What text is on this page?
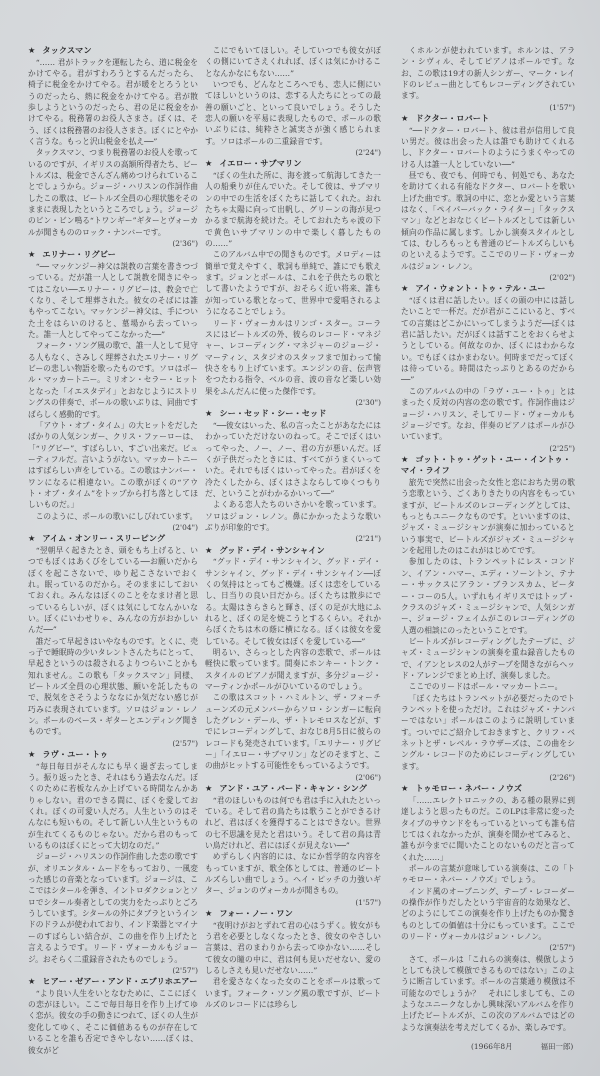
★ タックスマン

“…… 君がトラックを運転したら、道に税金をかけてやる。君がすわろうとするんだったら、椅子に税金をかけてやる。君が暖をとろうというのだったら、熱に税金をかけてやる。君が散歩しようというのだったら、君の足に税金をかけてやる。税務署のお役人さまさ。ぼくは、そう、ぼくは税務署のお役人さまさ。ぼくにとやかく言うな。もっと沢山税金を払え──”

タックスマン、つまり税務署のお役人を歌っているのですが、イギリスの高額所得者たち、ビートルズは、税金でさんざん痛めつけられていることでしょうから。ジョージ・ハリスンの作詞作曲したこの歌は、ビートルズ全員の心理状態をそのままに表現したというところでしょう。ジョージのビン・ビン鳴る“トワンギー”ギターとヴォーカルが聞きもののロック・ナンバーです。

(2'36")
★ エリナー・リグビー

“── マッケンジー神父は説教の言葉を書きつづっている。だが誰一人として説教を聞きにやってはこない──エリナー・リグビーは、教会で亡くなり、そして埋葬された。彼女のそばには誰もやってこない。マッケンジー神父は、手についた土をはらいのけると、墓場から去っていった。誰一人としてやってこなかった──”

フォーク・ソング風の歌で、誰一人として見守る人もなく、さみしく埋葬されたエリナー・リグビーの悲しい物語を歌ったものです。ソロはポール・マッカートニー。ミリオン・セラー・ヒットとなった「イエスタデイ」とおなじようにストリングスの伴奏で、ポールの歌いぶりは、同曲ですばらしく感動的です。

「アウト・オブ・タイム」の大ヒットをだしたばかりの人気シンガー、クリス・ファーローは、「“リグビー”、すばらしい、すごい出来だ。ビューティフルだ。言いようがない。マッカートニーはすばらしい声をしている。この歌はナンバー・ワンになるに相違ない。この歌がぼくの“アウト・オブ・タイム”をトップから打ち落としてほしいものだ。」

このように、ポールの歌いにしびれています。

(2'04")
★ アイム・オンリー・スリーピング

“翌朝早く起きたとき、頭をもち上げると、いつでもぼくはあくびをしている──お願いだからぼくを起こさないで、ゆり起こさないでおくれ。眠っているのだから。そのままにしておいておくれ。みんなはぼくのことをなまけ者と思っているらしいが、ぼくは気にしてなんかいない。ぼくにいわせりゃ、みんなの方がおかしいんだ──”

誰だって早起きはいやなものです。とくに、売っ子で睡眠時の少いタレントさんたちにとって、早起きというのは殺されるよりつらいことかも知れません。この歌も「タックスマン」同様、ビートルズ全員の心理状態、願いを託したもので、脱気をさそうようななにか気だない感じが巧みに表現されています。ソロはジョン・レノン。ポールのベース・ギターとエンディング聞きものです。

(2'57")
★ ラヴ・ユー・トゥ

“毎日毎日がそんなにも早く過ぎ去ってしまう。振り返ったとき、それはもう過去なんだ。ぼくのために若板なんか上げている時間なんかありゃしない。君のできる間に、ぼくを愛しておくれ。ぼくの可愛い人だろ。人生というのはそんなにも短いもの。そして新しい人生というものが生れてくるものじゃない。だから君のもっているものはぼくにとって大切なのだ。”

ジョージ・ハリスンの作詞作曲した恋の歌ですが、オリエンタル・ムードをもっており、一風変った感じの音楽となっています。ジョージは、ここではシタールを弾き、イントロダクションとソロでシタール奏者としての実力をたっぷりとごろうしています。シタールの外にタブラというインドのドラムが使われており、インド楽器とマイナーのすばらしい結合が、この曲を作り上げたと言えるようです。リード・ヴォーカルもジョージ。おそらく二重録音されたものでしょう。

(2'57")
★ ヒアー・ゼアー・アンド・エブリホエアー

“より良い人生をいとなむために、ここにぼくの恋がほしい。ここで毎日毎日を作り上げてゆく恋が。彼女の手の動きにつれて、ぼくの人生が変化してゆく、そこに価値あるものが存在していることを誰も否定できやしない……ぼくは、彼女がど

こにでもいてほしい。そしていつでも彼女がぼくの側にいてさえくれれば、ぼくは気にかけることなんかなにもない……”

いつでも、どんなところへでも、恋人に側にいてほしいというのは、恋する人たちにとっての最善の願いごと、といって良いでしょう。そうした恋人の願いを平易に表現したもので、ポールの歌いぶりには、純粋さと誠実さが強く感じられます。ソロはポールの二重録音です。

(2'24")
★ イエロー・サブマリン

“ぼくの生れた所に、海を渡って航海してきた一人の船乗りが住んでいた。そして彼は、サブマリンの中での生活をぼくたちに話してくれた。おれたちゃ太陽に向って出帆し、グリーンの海が見つかるまで航海を続けた。そしておれたちゃ波の下で黄色いサブマリンの中で楽しく暮したものの……”

このアルバム中での聞きものです。メロディーは簡単で覚えやすく、歌詞も単純で、誰にでも歌えます。ジョンとポールは、これを子供たちの歌として書いたようですが、おそらく近い将来、誰もが知っている歌となって、世界中で愛唱されるようになることでしょう。

リード・ヴォーカルはリンゴ・スター。コーラスにはビートルズの外、彼らのレコード・マネジャー、レコーディング・マネジャーのジョージ・マーティン、スタジオのスタッフまで加わって愉快さをもり上げています。エンジンの音、伝声管をつたわる指令、ベルの音、波の音など楽しい効果をふんだんに使った傑作です。

(2'30")
★ シー・セッド・シー・セッド

“──彼女はいった、私の言ったことがあなたにはわかっていただけないのねって。そこでぼくはいってやった、ノー、ノー、君の方が悪いんだ。ぼくが子供だったときには、すべてがうまくいっていた。それでもぼくはいってやった。君がぼくを冷たくしたから、ぼくはさよならしてゆくつもりだ、ということがわかるかいって──”

よくある恋人たちのいさかいを歌っています。ソロはジョン・レノン。鼻にかかったような歌いぶりが印象的です。

(2'21")
★ グッド・デイ・サンシャイン

“グッド・デイ・サンシャイン、グッド・デイ・サンシャイン、グッド・デイ・サンシャイン──ぼくの気持はとってもご機嫌。ぼくは恋をしているし、日当りの良い日だから。ぼくたちは散歩にでる。太陽はきらきらと輝き、ぼくの足が大地にふれると、ぼくの足を焼こうとするくらい。それからぼくたちは木の蔭に横になる。ぼくは彼女を愛している。そして彼女はぼくを愛している──”

明るい、さらっとした内容の恋歌で、ポールは軽快に歌っています。間奏にホンキー・トンク・スタイルのピアノが聞えますが、多分ジョージ・マーティンかポールがひいているのでしょう。

この歌はスコット・ハミルトン、ザ・フォーチューンズの元メンバーからソロ・シンガーに転向したグレン・デール、ザ・トレモロスなどが、すでにレコーディングして、おなじ8月5日に彼らのレコードも発売されています。「エリナー・リグビー」「イエロー・サブマリン」などのそますと、この曲がヒットする可能性をもっているようです。

(2'06")
★ アンド・ユア・バード・キャン・シング

“君のほしいものは何でも君は手に入れたといっている。そして君の鳥たちは歌うことができるけれど、君はぼくを獲得することはできない。世界の七不思議を見たと君はいう。そして君の鳥は青い鳥だけれど、君にはぼくが見えない──”

めずらしく内容的には、なにか哲学的な内容をもっていますが、歌全体としては、普通のビートルズらしい曲でしょう。ヘイ・ピッチの力強いギター、ジョンのヴォーカルが聞きもの。

(1'57")
★ フォー・ノー・ワン

“夜明けがおとずれて君の心はうずく。彼女がもう君を必要としなくなったとき、彼女のやさしい言葉は、君のまわりから去ってゆかない……そして彼女の瞳の中に、君は何も見いだせない、愛のしるしさえも見いだせない……”

君を愛さなくなった女のことをポールは歌っています。フォーク・ソング風の歌ですが、ビートルズのレコードには珍らし

くホルンが使われています。ホルンは、アラン・シヴィル、そしてピアノはポールです。なお、この歌は19才の新人シンガー、マーク・レイドのレビュー曲としてもレコーディングされています。

(1'57")
★ ドクター・ロバート

“──ドクター・ロバート、彼は君が信用して良い男だ。彼は出会った人は誰でも助けてくれるし、ドクター・ロバートのようにうまくやってのける人は誰一人としていない──”

昼でも、夜でも、何時でも、何処でも、あなたを助けてくれる有能なドクター、ロバートを歌い上げた曲です。歌詞の中に、恋とか愛という言葉はなく、「ペイパーバック・ライター」「タックスマン」などとおなじくビートルズとしては新しい傾向の作品に属します。しかし演奏スタイルとしては、むしろもっとも普通のビートルズらしいものといえるようです。ここでのリード・ヴォーカルはジョン・レノン。

(2'02")
★ アイ・ウォント・トゥ・テル・ユー

“ぼくは君に話したい。ぼくの頭の中には話したいことで一杯だ。だが君がここにいると、すべての言葉はどこかにいってしまうようだ──ぼくは君に話したい。だがぼくは話すことをおくらせようとしている。何故なのか、ぼくにはわからない。でもぼくはかまわない。何時までだってぼくは待っている。時間はたっぷりとあるのだから──”

このアルバムの中の「ラヴ・ユー・トゥ」とはまったく反対の内容の恋の歌です。作詞作曲はジョージ・ハリスン、そしてリード・ヴォーカルもジョージです。なお、伴奏のピアノはポールがひいています。

(2'25")
★ ゴット・トゥ・ゲット・ユー・イントゥ・マイ・ライフ

旅先で突然に出会った女性と恋におちた男の歌う恋歌という、ごくありきたりの内容をもっていますが、ビートルズのレコーディングとしては、もっともユニークなものです。といいますのは、ジャズ・ミュージシャンが演奏に加わっているという事実で、ビートルズがジャズ・ミュージシャンを起用したのはこれがはじめてです。

参加したのは、トランペットにレス・コンドン、イアン・ハマー、エディ・ソーントン、テナー・サックスにアラン・ブランスカム、ピーター・コーの5人。いずれもイギリスではトップ・クラスのジャズ・ミュージシャンで、人気シンガー、ジョージ・フェイムがこのレコーディングの人選の相談にのったということです。

ビートルズがレコーディングしたテープに、ジャズ・ミュージシャンの演奏を重ね録音したもので、イアンとレスの2人がテープを聞きながらヘッド・アレンジでまとめ上げ、演奏しました。

ここでのリードはポール・マッカートニー。

「ぼくたちはトランペットが必要だったのでトランペットを使っただけ。これはジャズ・ナンバーではない」ポールはこのように説明しています。ついでにご紹介しておきますと、クリフ・ベネットとザ・レベル・ラウザーズは、この曲をシングル・レコードのためにレコーディングしています。

(2'26")
★ トゥモロー・ネバー・ノウズ

「……エレクトロニックの、ある種の限界に到達しようと思ったものだ。このLPは非常に変ったタイプのサウンドをもっているといっても誰も信じてはくれなかったが、演奏を聞かせてみると、誰もが今までに聞いたことのないものだと言ってくれた……」

ポールの言葉が意味している演奏は、この「トゥモロー・ネバー・ノウズ」でしょう。

インド風のオープニング、テープ・レコーダーの操作が作りだしたという宇宙音的な効果など、どのようにしてこの演奏を作り上げたものか驚きものとしての価値は十分にもっています。ここでのリード・ヴォーカルはジョン・レノン。

(2'57")

さて、ポールは「これらの演奏は、模倣しようとしても決して模倣できるものではない」このように断言しています。ポールの言葉通り模倣は不可能なのでしょうか？　それにしましても、このようなユニークなしかし興味深いアルバムを作り上げたビートルズが、この次のアルバムではどのような演奏法を考えだしてくるか、楽しみです。

(1966年8月	福田一郎)
